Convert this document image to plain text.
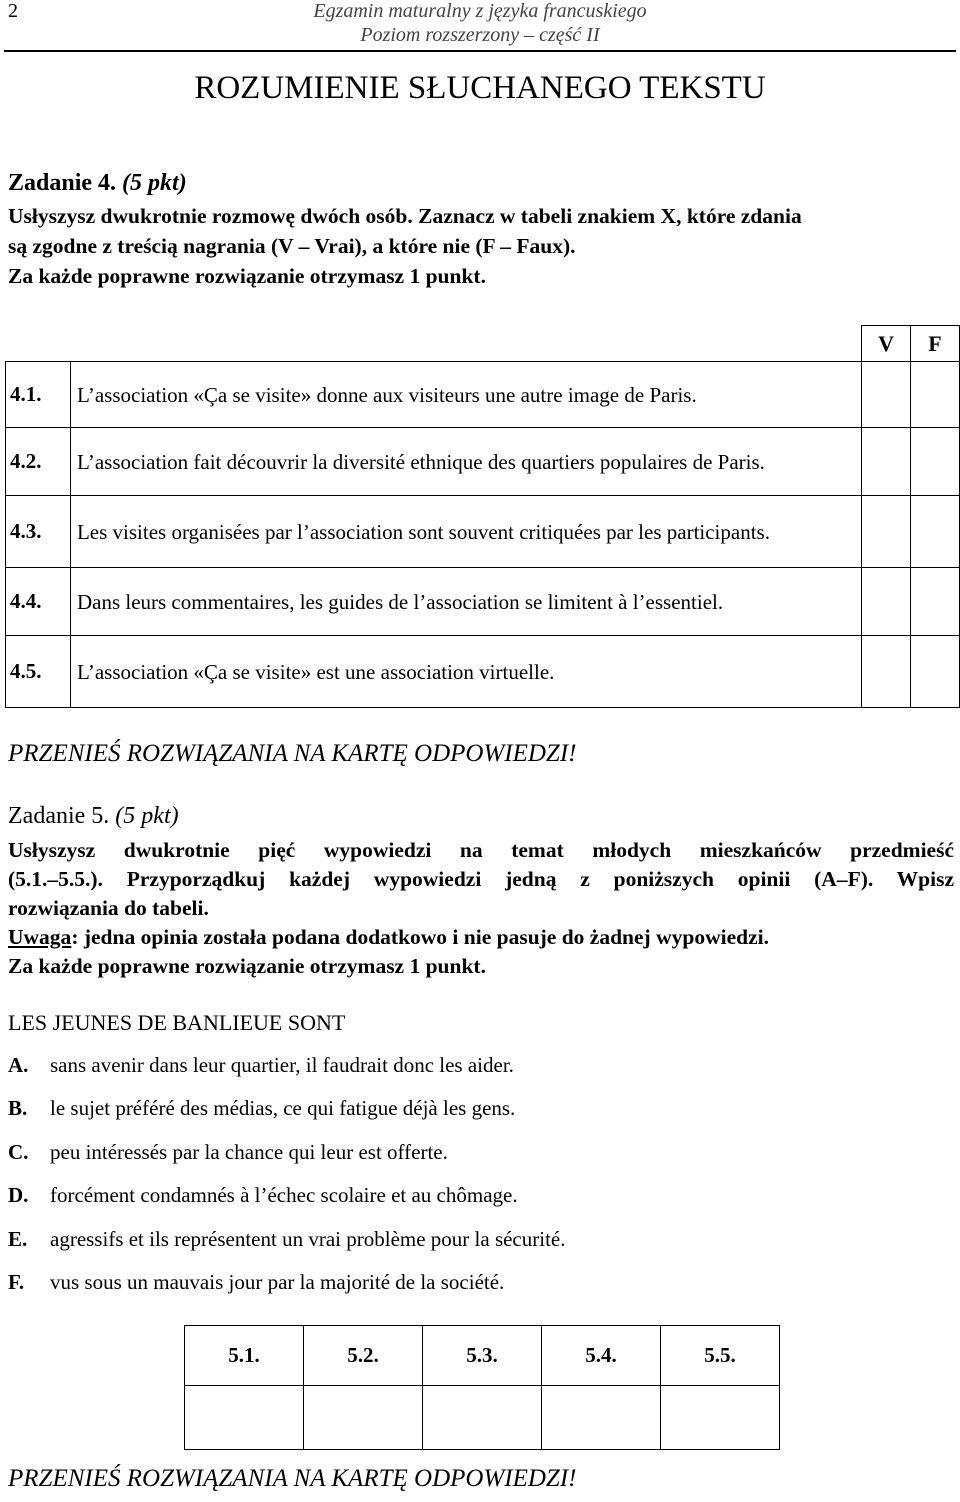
2	Egzamin maturalny z języka francuskiego
Poziom rozszerzony – część II
ROZUMIENIE SŁUCHANEGO TEKSTU
Zadanie 4. (5 pkt)
Usłyszysz dwukrotnie rozmowę dwóch osób. Zaznacz w tabeli znakiem X, które zdania
są zgodne z treścią nagrania (V – Vrai), a które nie (F – Faux).
Za każde poprawne rozwiązanie otrzymasz 1 punkt.
		V	F
4.1.	L’association «Ça se visite» donne aux visiteurs une autre image de Paris.		
4.2.	L’association fait découvrir la diversité ethnique des quartiers populaires de Paris.		
4.3.	Les visites organisées par l’association sont souvent critiquées par les participants.		
4.4.	Dans leurs commentaires, les guides de l’association se limitent à l’essentiel.		
4.5.	L’association «Ça se visite» est une association virtuelle.		
PRZENIEŚ ROZWIĄZANIA NA KARTĘ ODPOWIEDZI!
Zadanie 5. (5 pkt)
Usłyszysz dwukrotnie pięć wypowiedzi na temat młodych mieszkańców przedmieść
(5.1.–5.5.). Przyporządkuj każdej wypowiedzi jedną z poniższych opinii (A–F). Wpisz
rozwiązania do tabeli.
Uwaga: jedna opinia została podana dodatkowo i nie pasuje do żadnej wypowiedzi.
Za każde poprawne rozwiązanie otrzymasz 1 punkt.
LES JEUNES DE BANLIEUE SONT
A. sans avenir dans leur quartier, il faudrait donc les aider.
B. le sujet préféré des médias, ce qui fatigue déjà les gens.
C. peu intéressés par la chance qui leur est offerte.
D. forcément condamnés à l’échec scolaire et au chômage.
E. agressifs et ils représentent un vrai problème pour la sécurité.
F. vus sous un mauvais jour par la majorité de la société.
5.1.	5.2.	5.3.	5.4.	5.5.

PRZENIEŚ ROZWIĄZANIA NA KARTĘ ODPOWIEDZI!
